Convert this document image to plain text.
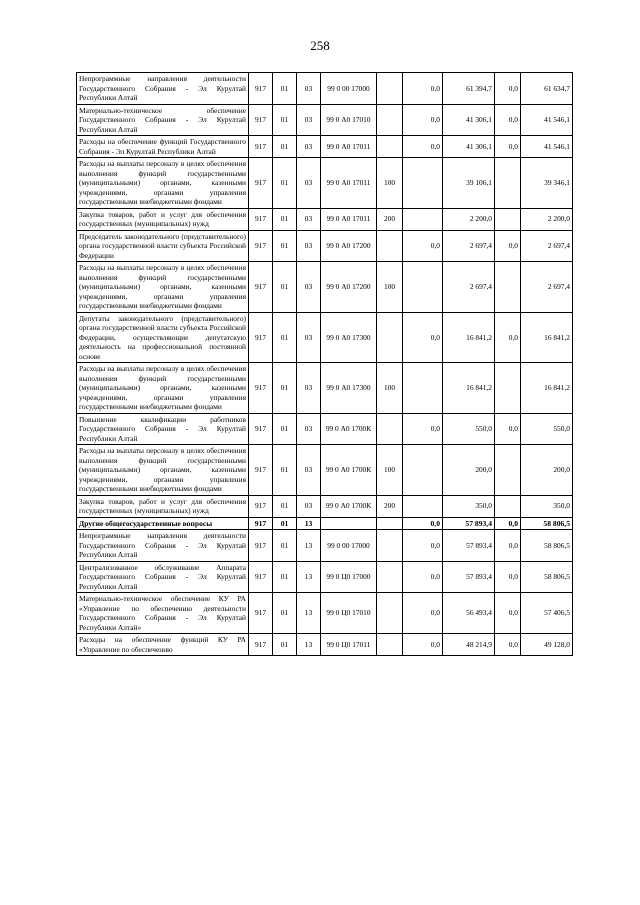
258
Непрограммные направления деятельности Государственного Собрания - Эл Курултай Республики Алтай	917	01	03	99 0 00 17000		0,0	61 394,7	0,0	61 634,7
Материально-техническое обеспечение Государственного Собрания - Эл Курултай Республики Алтай	917	01	03	99 0 А0 17010		0,0	41 306,1	0,0	41 546,1
Расходы на обеспечение функций Государственного Собрания - Эл Курултай Республики Алтай	917	01	03	99 0 А0 17011		0,0	41 306,1	0,0	41 546,1
Расходы на выплаты персоналу в целях обеспечения выполнения функций государственными (муниципальными) органами, казенными учреждениями, органами управления государственными внебюджетными фондами	917	01	03	99 0 А0 17011	100		39 106,1		39 346,1
Закупка товаров, работ и услуг для обеспечения государственных (муниципальных) нужд	917	01	03	99 0 А0 17011	200		2 200,0		2 200,0
Председатель законодательного (представительного) органа государственной власти субъекта Российской Федерации	917	01	03	99 0 А0 17200		0,0	2 697,4	0,0	2 697,4
Расходы на выплаты персоналу в целях обеспечения выполнения функций государственными (муниципальными) органами, казенными учреждениями, органами управления государственными внебюджетными фондами	917	01	03	99 0 А0 17200	100		2 697,4		2 697,4
Депутаты законодательного (представительного) органа государственной власти субъекта Российской Федерации, осуществляющие депутатскую деятельность на профессиональной постоянной основе	917	01	03	99 0 А0 17300		0,0	16 841,2	0,0	16 841,2
Расходы на выплаты персоналу в целях обеспечения выполнения функций государственными (муниципальными) органами, казенными учреждениями, органами управления государственными внебюджетными фондами	917	01	03	99 0 А0 17300	100		16 841,2		16 841,2
Повышение квалификации работников Государственного Собрания - Эл Курултай Республики Алтай	917	01	03	99 0 А0 1700К		0,0	550,0	0,0	550,0
Расходы на выплаты персоналу в целях обеспечения выполнения функций государственными (муниципальными) органами, казенными учреждениями, органами управления государственными внебюджетными фондами	917	01	03	99 0 А0 1700К	100		200,0		200,0
Закупка товаров, работ и услуг для обеспечения государственных (муниципальных) нужд	917	01	03	99 0 А0 1700К	200		350,0		350,0
Другие общегосударственные вопросы	917	01	13			0,0	57 893,4	0,0	58 806,5
Непрограммные направления деятельности Государственного Собрания - Эл Курултай Республики Алтай	917	01	13	99 0 00 17000		0,0	57 893,4	0,0	58 806,5
Централизованное обслуживание Аппарата Государственного Собрания - Эл Курултай Республики Алтай	917	01	13	99 0 Ц0 17000		0,0	57 893,4	0,0	58 806,5
Материально-техническое обеспечение КУ РА «Управление по обеспечению деятельности Государственного Собрания - Эл Курултай Республики Алтай»	917	01	13	99 0 Ц0 17010		0,0	56 493,4	0,0	57 406,5
Расходы на обеспечение функций КУ РА «Управление по обеспечению	917	01	13	99 0 Ц0 17011		0,0	48 214,9	0,0	49 128,0
